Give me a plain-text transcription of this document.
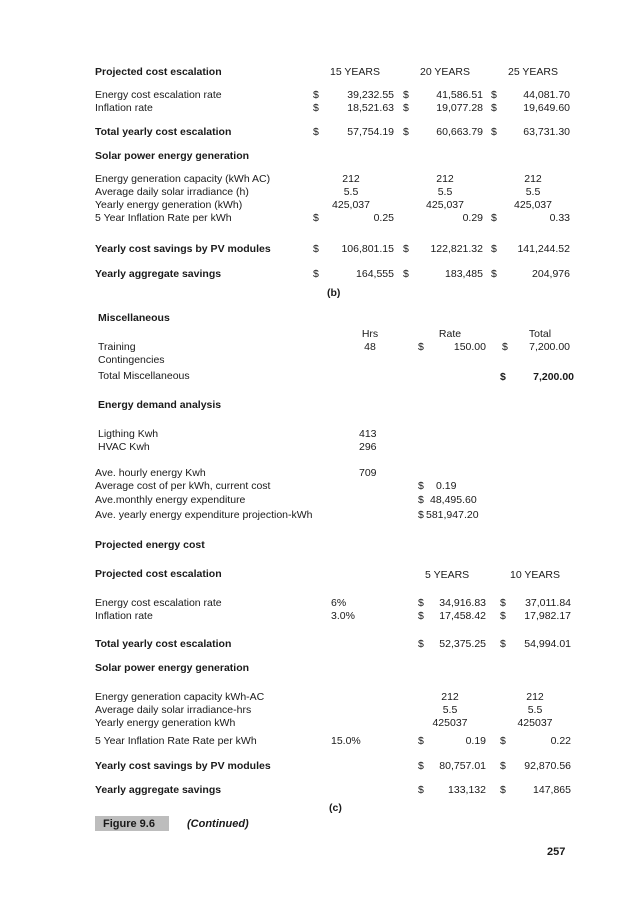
Projected cost escalation	15 YEARS	20 YEARS	25 YEARS
Energy cost escalation rate	$	39,232.55 $	41,586.51 $	44,081.70
Inflation rate	$	18,521.63 $	19,077.28 $	19,649.60
Total yearly cost escalation	$	57,754.19 $	60,663.79 $	63,731.30
Solar power energy generation
Energy generation capacity (kWh AC)	212	212	212
Average daily solar irradiance (h)	5.5	5.5	5.5
Yearly energy generation (kWh)	425,037	425,037	425,037
5 Year Inflation Rate per kWh	$	0.25	0.29 $	0.33
Yearly cost savings by PV modules	$	106,801.15 $	122,821.32 $	141,244.52
Yearly aggregate savings	$	164,555 $	183,485 $	204,976
(b)
Miscellaneous
Hrs	Rate	Total
Training	48	$	150.00 $	7,200.00
Contingencies
Total Miscellaneous	$	7,200.00
Energy demand analysis
Ligthing Kwh	413
HVAC Kwh	296
Ave. hourly energy Kwh	709
Average cost of per kWh, current cost	$ 0.19
Ave.monthly energy expenditure	$ 48,495.60
Ave. yearly energy expenditure projection-kWh	$ 581,947.20
Projected energy cost
Projected cost escalation	5 YEARS	10 YEARS
Energy cost escalation rate	6%	$	34,916.83 $	37,011.84
Inflation rate	3.0%	$	17,458.42 $	17,982.17
Total yearly cost escalation	$	52,375.25 $	54,994.01
Solar power energy generation
Energy generation capacity kWh-AC	212	212
Average daily solar irradiance-hrs	5.5	5.5
Yearly energy generation kWh	425037	425037
5 Year Inflation Rate Rate per kWh	15.0%	$	0.19 $	0.22
Yearly cost savings by PV modules	$	80,757.01 $	92,870.56
Yearly aggregate savings	$	133,132 $	147,865
(c)
Figure 9.6	(Continued)
257
